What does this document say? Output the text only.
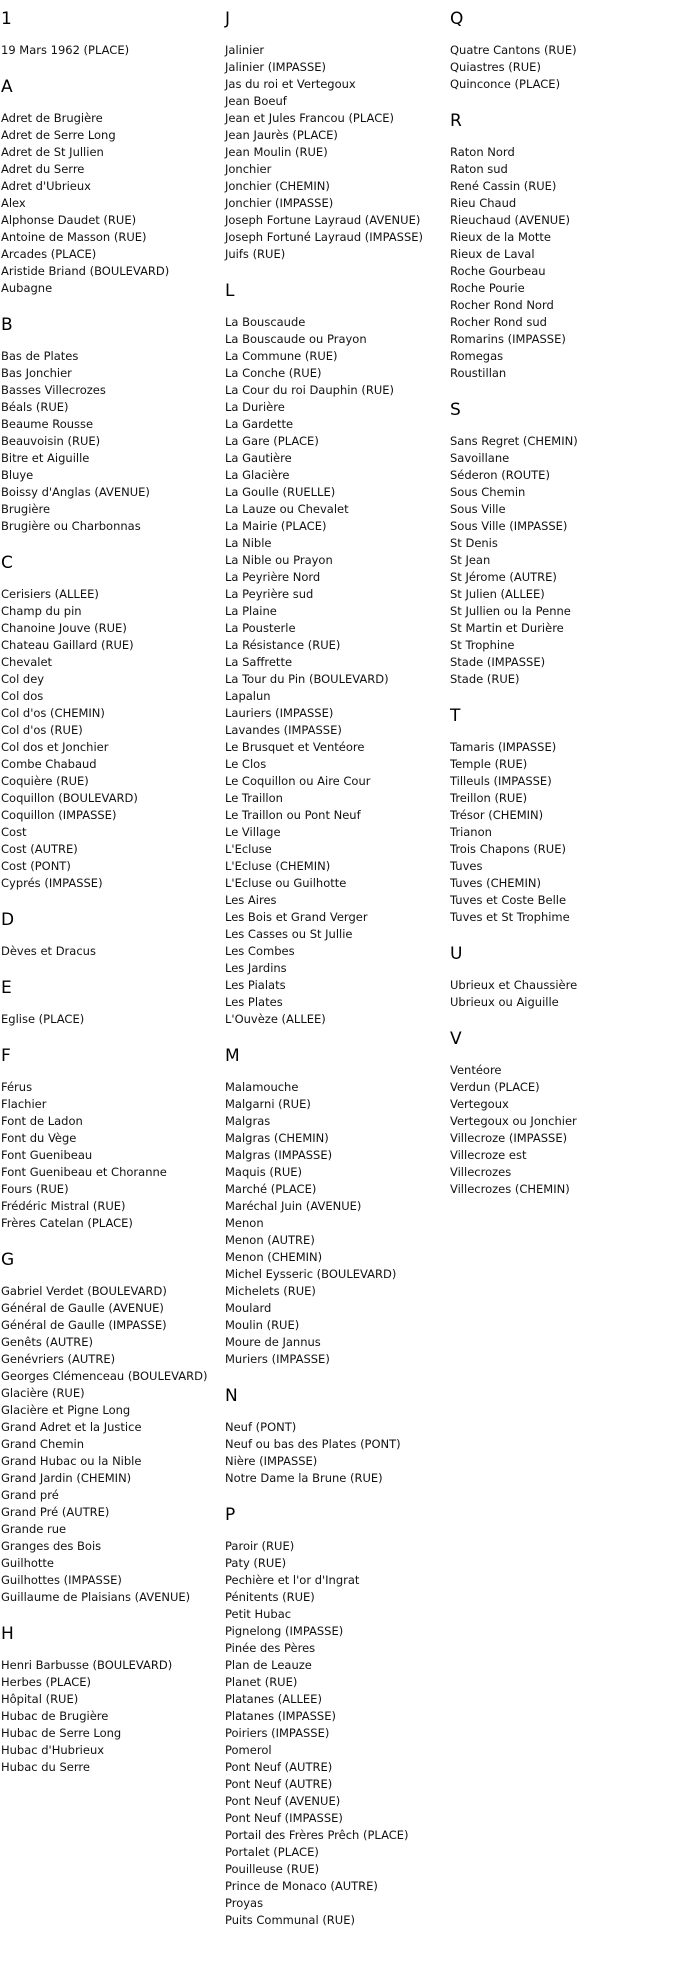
1
19 Mars 1962 (PLACE)
A
Adret de Brugière
Adret de Serre Long
Adret de St Jullien
Adret du Serre
Adret d'Ubrieux
Alex
Alphonse Daudet (RUE)
Antoine de Masson (RUE)
Arcades (PLACE)
Aristide Briand (BOULEVARD)
Aubagne
B
Bas de Plates
Bas Jonchier
Basses Villecrozes
Béals (RUE)
Beaume Rousse
Beauvoisin (RUE)
Bitre et Aiguille
Bluye
Boissy d'Anglas (AVENUE)
Brugière
Brugière ou Charbonnas
C
Cerisiers (ALLEE)
Champ du pin
Chanoine Jouve (RUE)
Chateau Gaillard (RUE)
Chevalet
Col dey
Col dos
Col d'os (CHEMIN)
Col d'os (RUE)
Col dos et Jonchier
Combe Chabaud
Coquière (RUE)
Coquillon (BOULEVARD)
Coquillon (IMPASSE)
Cost
Cost (AUTRE)
Cost (PONT)
Cyprés (IMPASSE)
D
Dèves et Dracus
E
Eglise (PLACE)
F
Férus
Flachier
Font de Ladon
Font du Vège
Font Guenibeau
Font Guenibeau et Choranne
Fours (RUE)
Frédéric Mistral (RUE)
Frères Catelan (PLACE)
G
Gabriel Verdet (BOULEVARD)
Général de Gaulle (AVENUE)
Général de Gaulle (IMPASSE)
Genêts (AUTRE)
Genévriers (AUTRE)
Georges Clémenceau (BOULEVARD)
Glacière (RUE)
Glacière et Pigne Long
Grand Adret et la Justice
Grand Chemin
Grand Hubac ou la Nible
Grand Jardin (CHEMIN)
Grand pré
Grand Pré (AUTRE)
Grande rue
Granges des Bois
Guilhotte
Guilhottes (IMPASSE)
Guillaume de Plaisians (AVENUE)
H
Henri Barbusse (BOULEVARD)
Herbes (PLACE)
Hôpital (RUE)
Hubac de Brugière
Hubac de Serre Long
Hubac d'Hubrieux
Hubac du Serre
J
Jalinier
Jalinier (IMPASSE)
Jas du roi et Vertegoux
Jean Boeuf
Jean et Jules Francou (PLACE)
Jean Jaurès (PLACE)
Jean Moulin (RUE)
Jonchier
Jonchier (CHEMIN)
Jonchier (IMPASSE)
Joseph Fortune Layraud (AVENUE)
Joseph Fortuné Layraud (IMPASSE)
Juifs (RUE)
L
La Bouscaude
La Bouscaude ou Prayon
La Commune (RUE)
La Conche (RUE)
La Cour du roi Dauphin (RUE)
La Durière
La Gardette
La Gare (PLACE)
La Gautière
La Glacière
La Goulle (RUELLE)
La Lauze ou Chevalet
La Mairie (PLACE)
La Nible
La Nible ou Prayon
La Peyrière Nord
La Peyrière sud
La Plaine
La Pousterle
La Résistance (RUE)
La Saffrette
La Tour du Pin (BOULEVARD)
Lapalun
Lauriers (IMPASSE)
Lavandes (IMPASSE)
Le Brusquet et Ventéore
Le Clos
Le Coquillon ou Aire Cour
Le Traillon
Le Traillon ou Pont Neuf
Le Village
L'Ecluse
L'Ecluse (CHEMIN)
L'Ecluse ou Guilhotte
Les Aires
Les Bois et Grand Verger
Les Casses ou St Jullie
Les Combes
Les Jardins
Les Pialats
Les Plates
L'Ouvèze (ALLEE)
M
Malamouche
Malgarni (RUE)
Malgras
Malgras (CHEMIN)
Malgras (IMPASSE)
Maquis (RUE)
Marché (PLACE)
Maréchal Juin (AVENUE)
Menon
Menon (AUTRE)
Menon (CHEMIN)
Michel Eysseric (BOULEVARD)
Michelets (RUE)
Moulard
Moulin (RUE)
Moure de Jannus
Muriers (IMPASSE)
N
Neuf (PONT)
Neuf ou bas des Plates (PONT)
Nière (IMPASSE)
Notre Dame la Brune (RUE)
P
Paroir (RUE)
Paty (RUE)
Pechière et l'or d'Ingrat
Pénitents (RUE)
Petit Hubac
Pignelong (IMPASSE)
Pinée des Pères
Plan de Leauze
Planet (RUE)
Platanes (ALLEE)
Platanes (IMPASSE)
Poiriers (IMPASSE)
Pomerol
Pont Neuf (AUTRE)
Pont Neuf (AUTRE)
Pont Neuf (AVENUE)
Pont Neuf (IMPASSE)
Portail des Frères Prêch (PLACE)
Portalet (PLACE)
Pouilleuse (RUE)
Prince de Monaco (AUTRE)
Proyas
Puits Communal (RUE)
Q
Quatre Cantons (RUE)
Quiastres (RUE)
Quinconce (PLACE)
R
Raton Nord
Raton sud
René Cassin (RUE)
Rieu Chaud
Rieuchaud (AVENUE)
Rieux de la Motte
Rieux de Laval
Roche Gourbeau
Roche Pourie
Rocher Rond Nord
Rocher Rond sud
Romarins (IMPASSE)
Romegas
Roustillan
S
Sans Regret (CHEMIN)
Savoillane
Séderon (ROUTE)
Sous Chemin
Sous Ville
Sous Ville (IMPASSE)
St Denis
St Jean
St Jérome (AUTRE)
St Julien (ALLEE)
St Jullien ou la Penne
St Martin et Durière
St Trophine
Stade (IMPASSE)
Stade (RUE)
T
Tamaris (IMPASSE)
Temple (RUE)
Tilleuls (IMPASSE)
Treillon (RUE)
Trésor (CHEMIN)
Trianon
Trois Chapons (RUE)
Tuves
Tuves (CHEMIN)
Tuves et Coste Belle
Tuves et St Trophime
U
Ubrieux et Chaussière
Ubrieux ou Aiguille
V
Ventéore
Verdun (PLACE)
Vertegoux
Vertegoux ou Jonchier
Villecroze (IMPASSE)
Villecroze est
Villecrozes
Villecrozes (CHEMIN)
